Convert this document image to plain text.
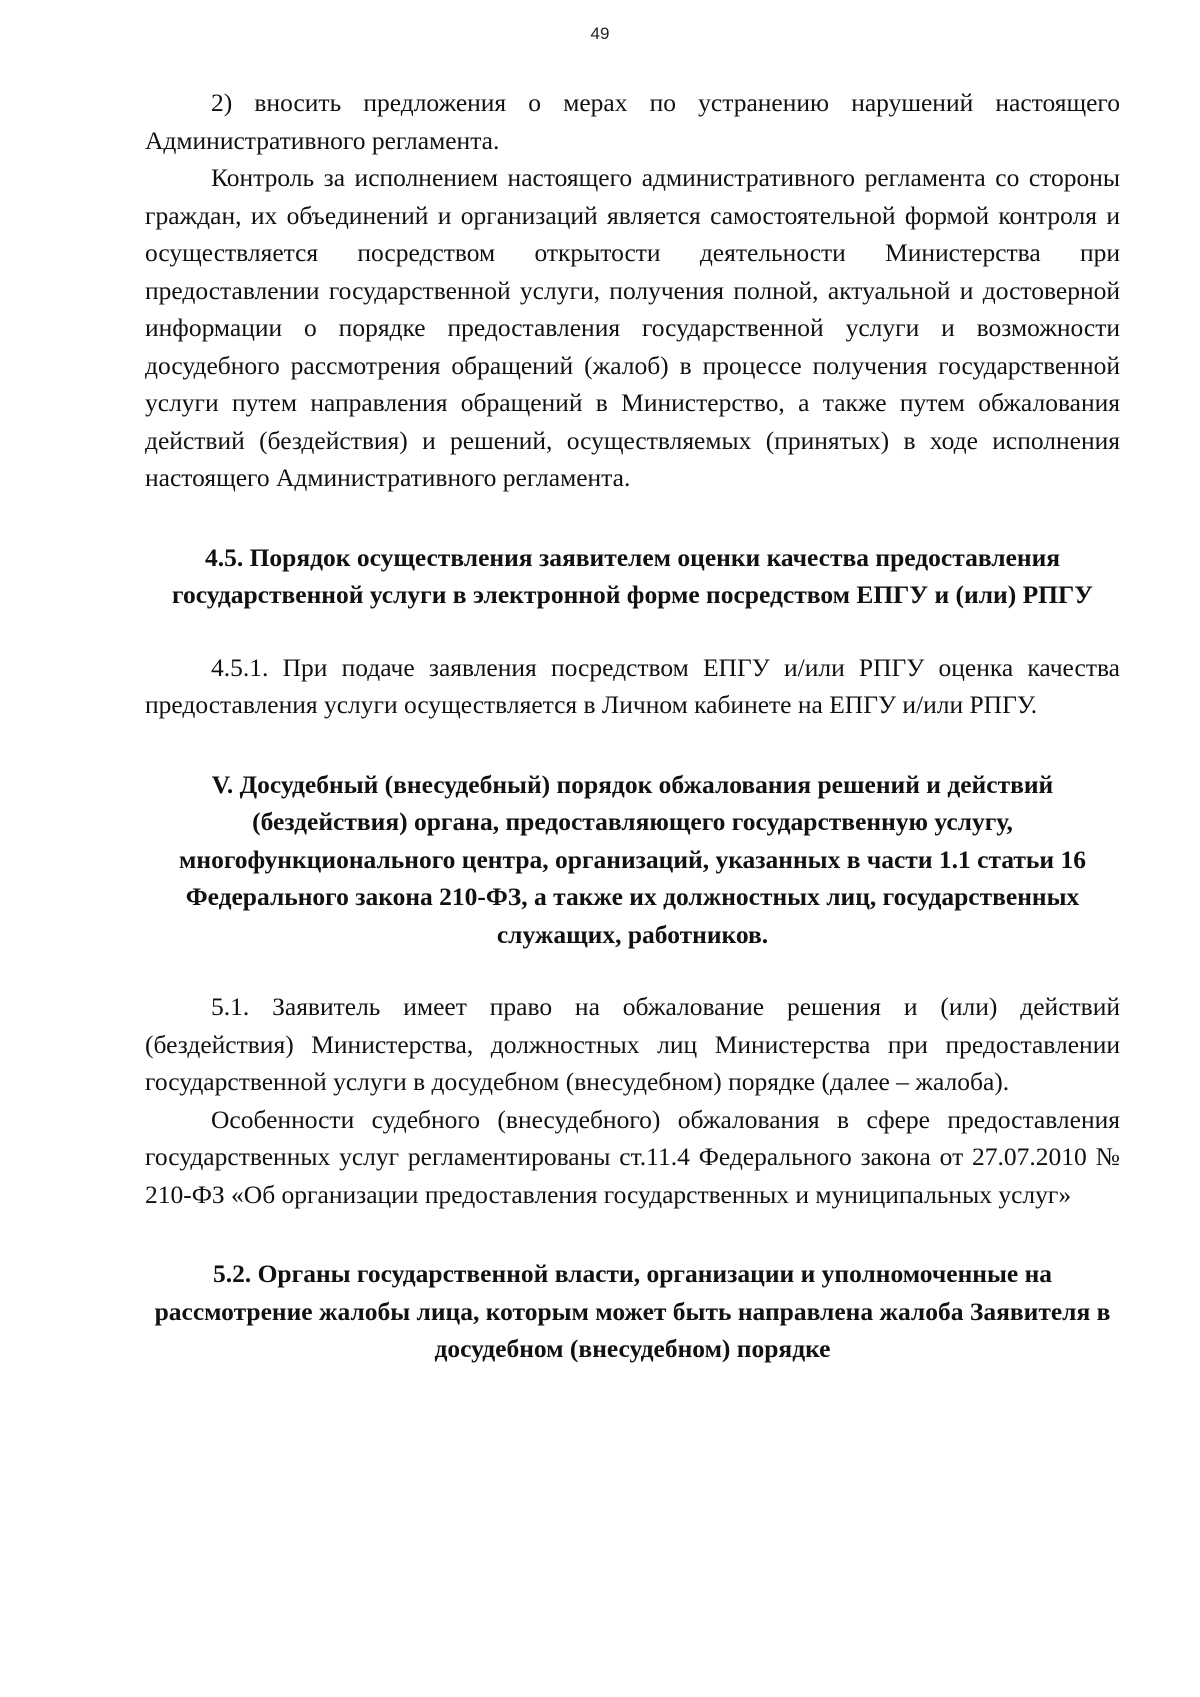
49

2) вносить предложения о мерах по устранению нарушений настоящего Административного регламента.

Контроль за исполнением настоящего административного регламента со стороны граждан, их объединений и организаций является самостоятельной формой контроля и осуществляется посредством открытости деятельности Министерства при предоставлении государственной услуги, получения полной, актуальной и достоверной информации о порядке предоставления государственной услуги и возможности досудебного рассмотрения обращений (жалоб) в процессе получения государственной услуги путем направления обращений в Министерство, а также путем обжалования действий (бездействия) и решений, осуществляемых (принятых) в ходе исполнения настоящего Административного регламента.

4.5. Порядок осуществления заявителем оценки качества предоставления государственной услуги в электронной форме посредством ЕПГУ и (или) РПГУ

4.5.1. При подаче заявления посредством ЕПГУ и/или РПГУ оценка качества предоставления услуги осуществляется в Личном кабинете на ЕПГУ и/или РПГУ.

V. Досудебный (внесудебный) порядок обжалования решений и действий (бездействия) органа, предоставляющего государственную услугу, многофункционального центра, организаций, указанных в части 1.1 статьи 16 Федерального закона 210-ФЗ, а также их должностных лиц, государственных служащих, работников.

5.1. Заявитель имеет право на обжалование решения и (или) действий (бездействия) Министерства, должностных лиц Министерства при предоставлении государственной услуги в досудебном (внесудебном) порядке (далее – жалоба).

Особенности судебного (внесудебного) обжалования в сфере предоставления государственных услуг регламентированы ст.11.4 Федерального закона от 27.07.2010 № 210-ФЗ «Об организации предоставления государственных и муниципальных услуг»

5.2. Органы государственной власти, организации и уполномоченные на рассмотрение жалобы лица, которым может быть направлена жалоба Заявителя в досудебном (внесудебном) порядке
